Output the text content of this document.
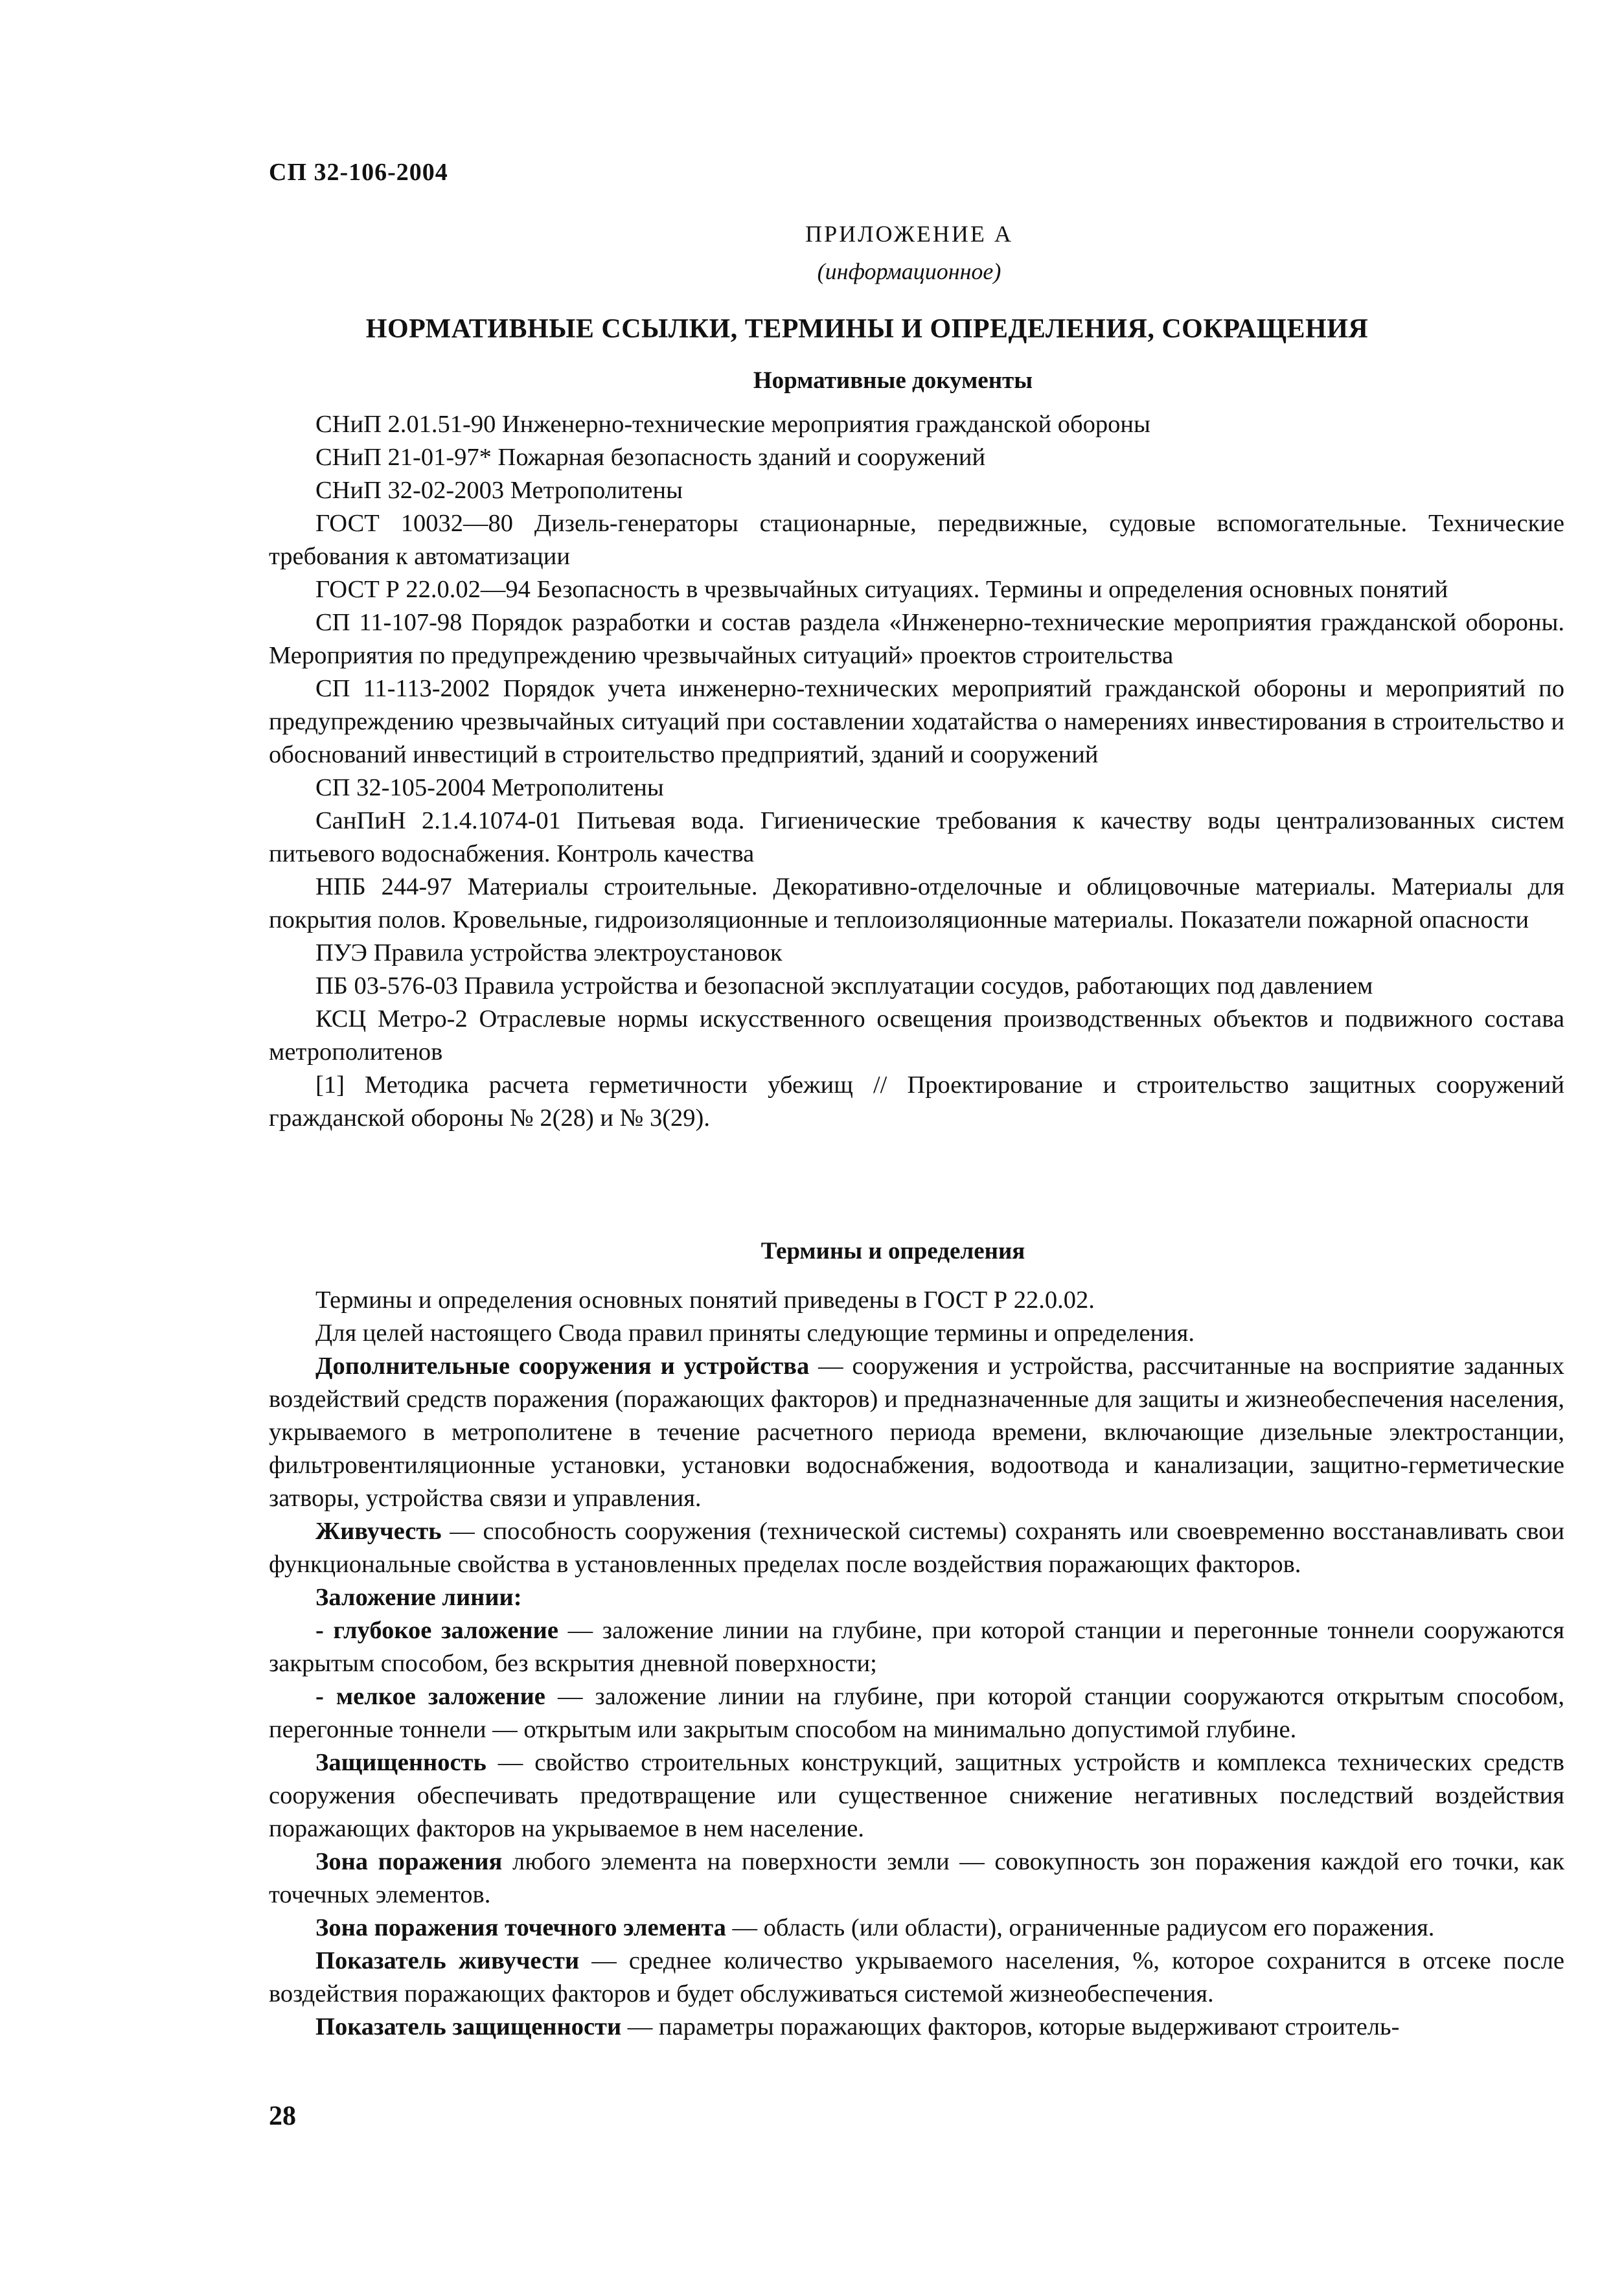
СП 32-106-2004
ПРИЛОЖЕНИЕ А
(информационное)
НОРМАТИВНЫЕ ССЫЛКИ, ТЕРМИНЫ И ОПРЕДЕЛЕНИЯ, СОКРАЩЕНИЯ
Нормативные документы

СНиП 2.01.51-90 Инженерно-технические мероприятия гражданской обороны

СНиП 21-01-97* Пожарная безопасность зданий и сооружений

СНиП 32-02-2003 Метрополитены

ГОСТ 10032—80 Дизель-генераторы стационарные, передвижные, судовые вспомогательные. Технические требования к автоматизации

ГОСТ Р 22.0.02—94 Безопасность в чрезвычайных ситуациях. Термины и определения основных понятий

СП 11-107-98 Порядок разработки и состав раздела «Инженерно-технические мероприятия гражданской обороны. Мероприятия по предупреждению чрезвычайных ситуаций» проектов строительства

СП 11-113-2002 Порядок учета инженерно-технических мероприятий гражданской обороны и мероприятий по предупреждению чрезвычайных ситуаций при составлении ходатайства о намерениях инвестирования в строительство и обоснований инвестиций в строительство предприятий, зданий и сооружений

СП 32-105-2004 Метрополитены

СанПиН 2.1.4.1074-01 Питьевая вода. Гигиенические требования к качеству воды централизованных систем питьевого водоснабжения. Контроль качества

НПБ 244-97 Материалы строительные. Декоративно-отделочные и облицовочные материалы. Материалы для покрытия полов. Кровельные, гидроизоляционные и теплоизоляционные материалы. Показатели пожарной опасности

ПУЭ Правила устройства электроустановок

ПБ 03-576-03 Правила устройства и безопасной эксплуатации сосудов, работающих под давлением

КСЦ Метро-2 Отраслевые нормы искусственного освещения производственных объектов и подвижного состава метрополитенов

[1] Методика расчета герметичности убежищ // Проектирование и строительство защитных сооружений гражданской обороны № 2(28) и № 3(29).

Термины и определения

Термины и определения основных понятий приведены в ГОСТ Р 22.0.02.

Для целей настоящего Свода правил приняты следующие термины и определения.

Дополнительные сооружения и устройства — сооружения и устройства, рассчитанные на восприятие заданных воздействий средств поражения (поражающих факторов) и предназначенные для защиты и жизнеобеспечения населения, укрываемого в метрополитене в течение расчетного периода времени, включающие дизельные электростанции, фильтровентиляционные установки, установки водоснабжения, водоотвода и канализации, защитно-герметические затворы, устройства связи и управления.

Живучесть — способность сооружения (технической системы) сохранять или своевременно восстанавливать свои функциональные свойства в установленных пределах после воздействия поражающих факторов.

Заложение линии:

- глубокое заложение — заложение линии на глубине, при которой станции и перегонные тоннели сооружаются закрытым способом, без вскрытия дневной поверхности;

- мелкое заложение — заложение линии на глубине, при которой станции сооружаются открытым способом, перегонные тоннели — открытым или закрытым способом на минимально допустимой глубине.

Защищенность — свойство строительных конструкций, защитных устройств и комплекса технических средств сооружения обеспечивать предотвращение или существенное снижение негативных последствий воздействия поражающих факторов на укрываемое в нем население.

Зона поражения любого элемента на поверхности земли — совокупность зон поражения каждой его точки, как точечных элементов.

Зона поражения точечного элемента — область (или области), ограниченные радиусом его поражения.

Показатель живучести — среднее количество укрываемого населения, %, которое сохранится в отсеке после воздействия поражающих факторов и будет обслуживаться системой жизнеобеспечения.

Показатель защищенности — параметры поражающих факторов, которые выдерживают строитель-

28
